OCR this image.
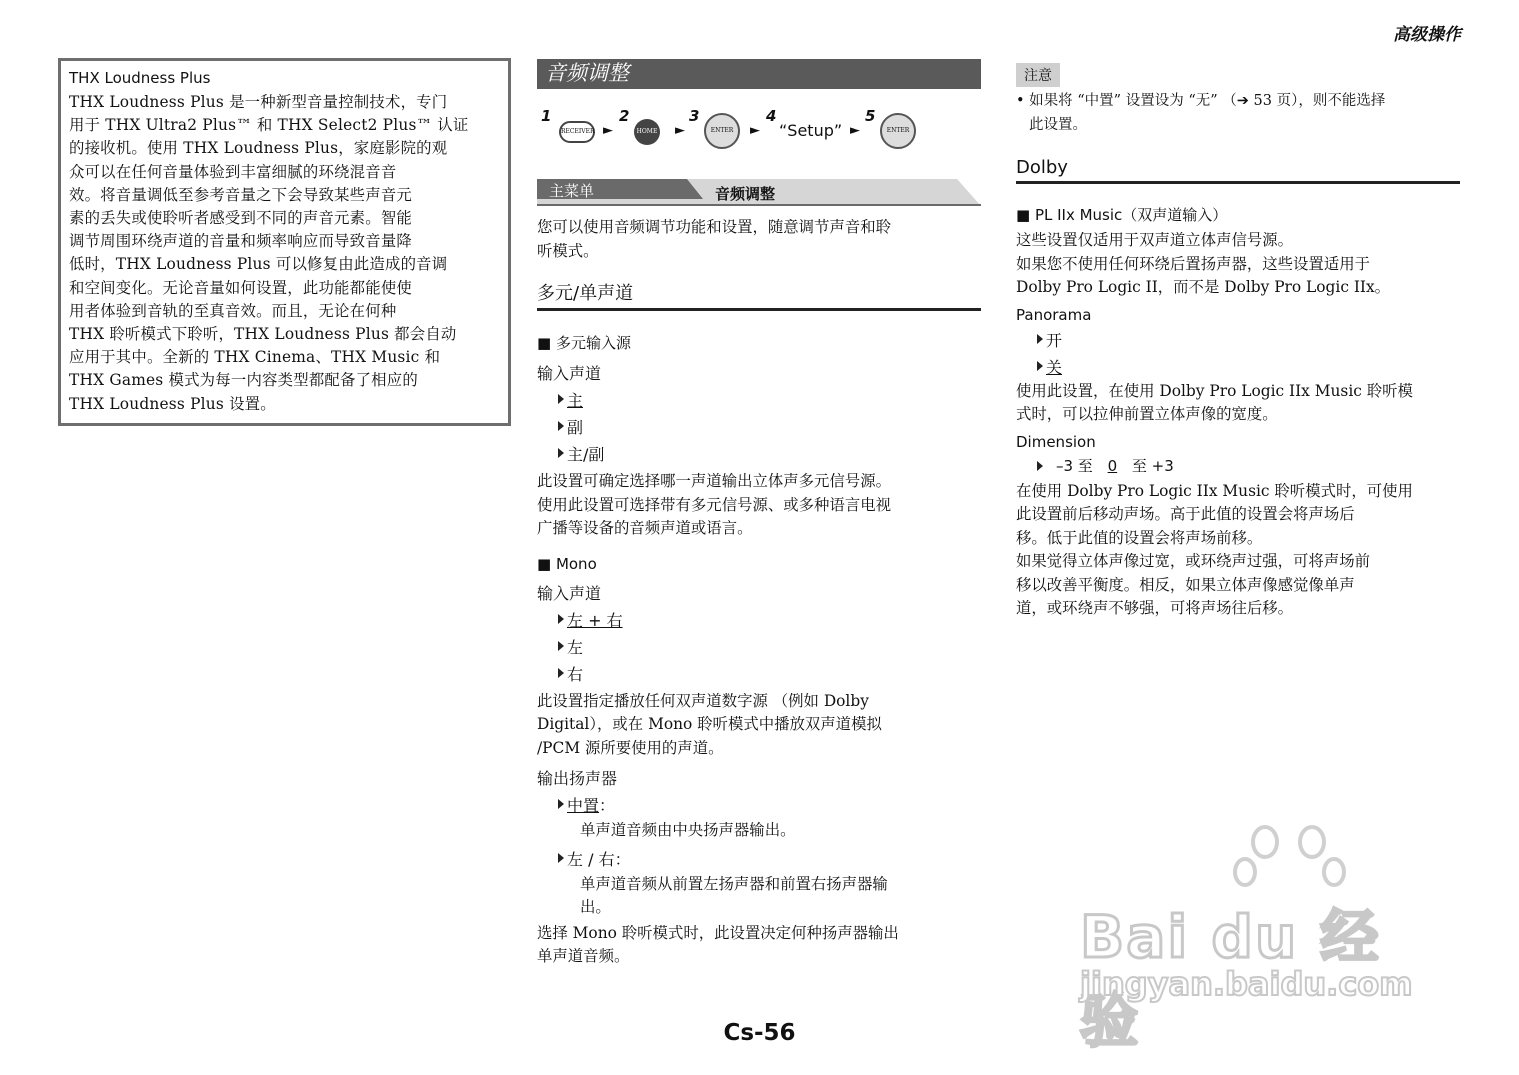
高级操作
THX Loudness Plus
THX Loudness Plus 是一种新型音量控制技术，专门
用于 THX Ultra2 Plus™ 和 THX Select2 Plus™ 认证
的接收机。使用 THX Loudness Plus，家庭影院的观
众可以在任何音量体验到丰富细腻的环绕混音音
效。将音量调低至参考音量之下会导致某些声音元
素的丢失或使聆听者感受到不同的声音元素。智能
调节周围环绕声道的音量和频率响应而导致音量降
低时，THX Loudness Plus 可以修复由此造成的音调
和空间变化。无论音量如何设置，此功能都能使使
用者体验到音轨的至真音效。而且，无论在何种
THX 聆听模式下聆听，THX Loudness Plus 都会自动
应用于其中。全新的 THX Cinema、THX Music 和
THX Games 模式为每一内容类型都配备了相应的
THX Loudness Plus 设置。
音频调整
1
RECEIVER ►
2
HOME ►
3
ENTER	►
4
“Setup” ►
5
ENTER
主菜单	音频调整
您可以使用音频调节功能和设置，随意调节声音和聆
听模式。
多元/单声道
■ 多元输入源
输入声道
主
副
主/副
此设置可确定选择哪一声道输出立体声多元信号源。
使用此设置可选择带有多元信号源、或多种语言电视
广播等设备的音频声道或语言。
■ Mono
输入声道
左 + 右
左
右
此设置指定播放任何双声道数字源 （例如 Dolby
Digital），或在 Mono 聆听模式中播放双声道模拟
/PCM 源所要使用的声道。
输出扬声器
中置：
单声道音频由中央扬声器输出。
左 / 右：
单声道音频从前置左扬声器和前置右扬声器输
出。
选择 Mono 聆听模式时，此设置决定何种扬声器输出
单声道音频。
注意
• 如果将 “中置” 设置设为 “无” （➔ 53 页），则不能选择
此设置。
Dolby
■ PL IIx Music（双声道输入）
这些设置仅适用于双声道立体声信号源。
如果您不使用任何环绕后置扬声器，这些设置适用于
Dolby Pro Logic II，而不是 Dolby Pro Logic IIx。
Panorama
开
关
使用此设置，在使用 Dolby Pro Logic IIx Music 聆听模
式时，可以拉伸前置立体声像的宽度。
Dimension
–3 至 0 至 +3
在使用 Dolby Pro Logic IIx Music 聆听模式时，可使用
此设置前后移动声场。高于此值的设置会将声场后
移。低于此值的设置会将声场前移。
如果觉得立体声像过宽，或环绕声过强，可将声场前
移以改善平衡度。相反，如果立体声像感觉像单声
道，或环绕声不够强，可将声场往后移。
Bai du 经验
jingyan.baidu.com
Cs-56
